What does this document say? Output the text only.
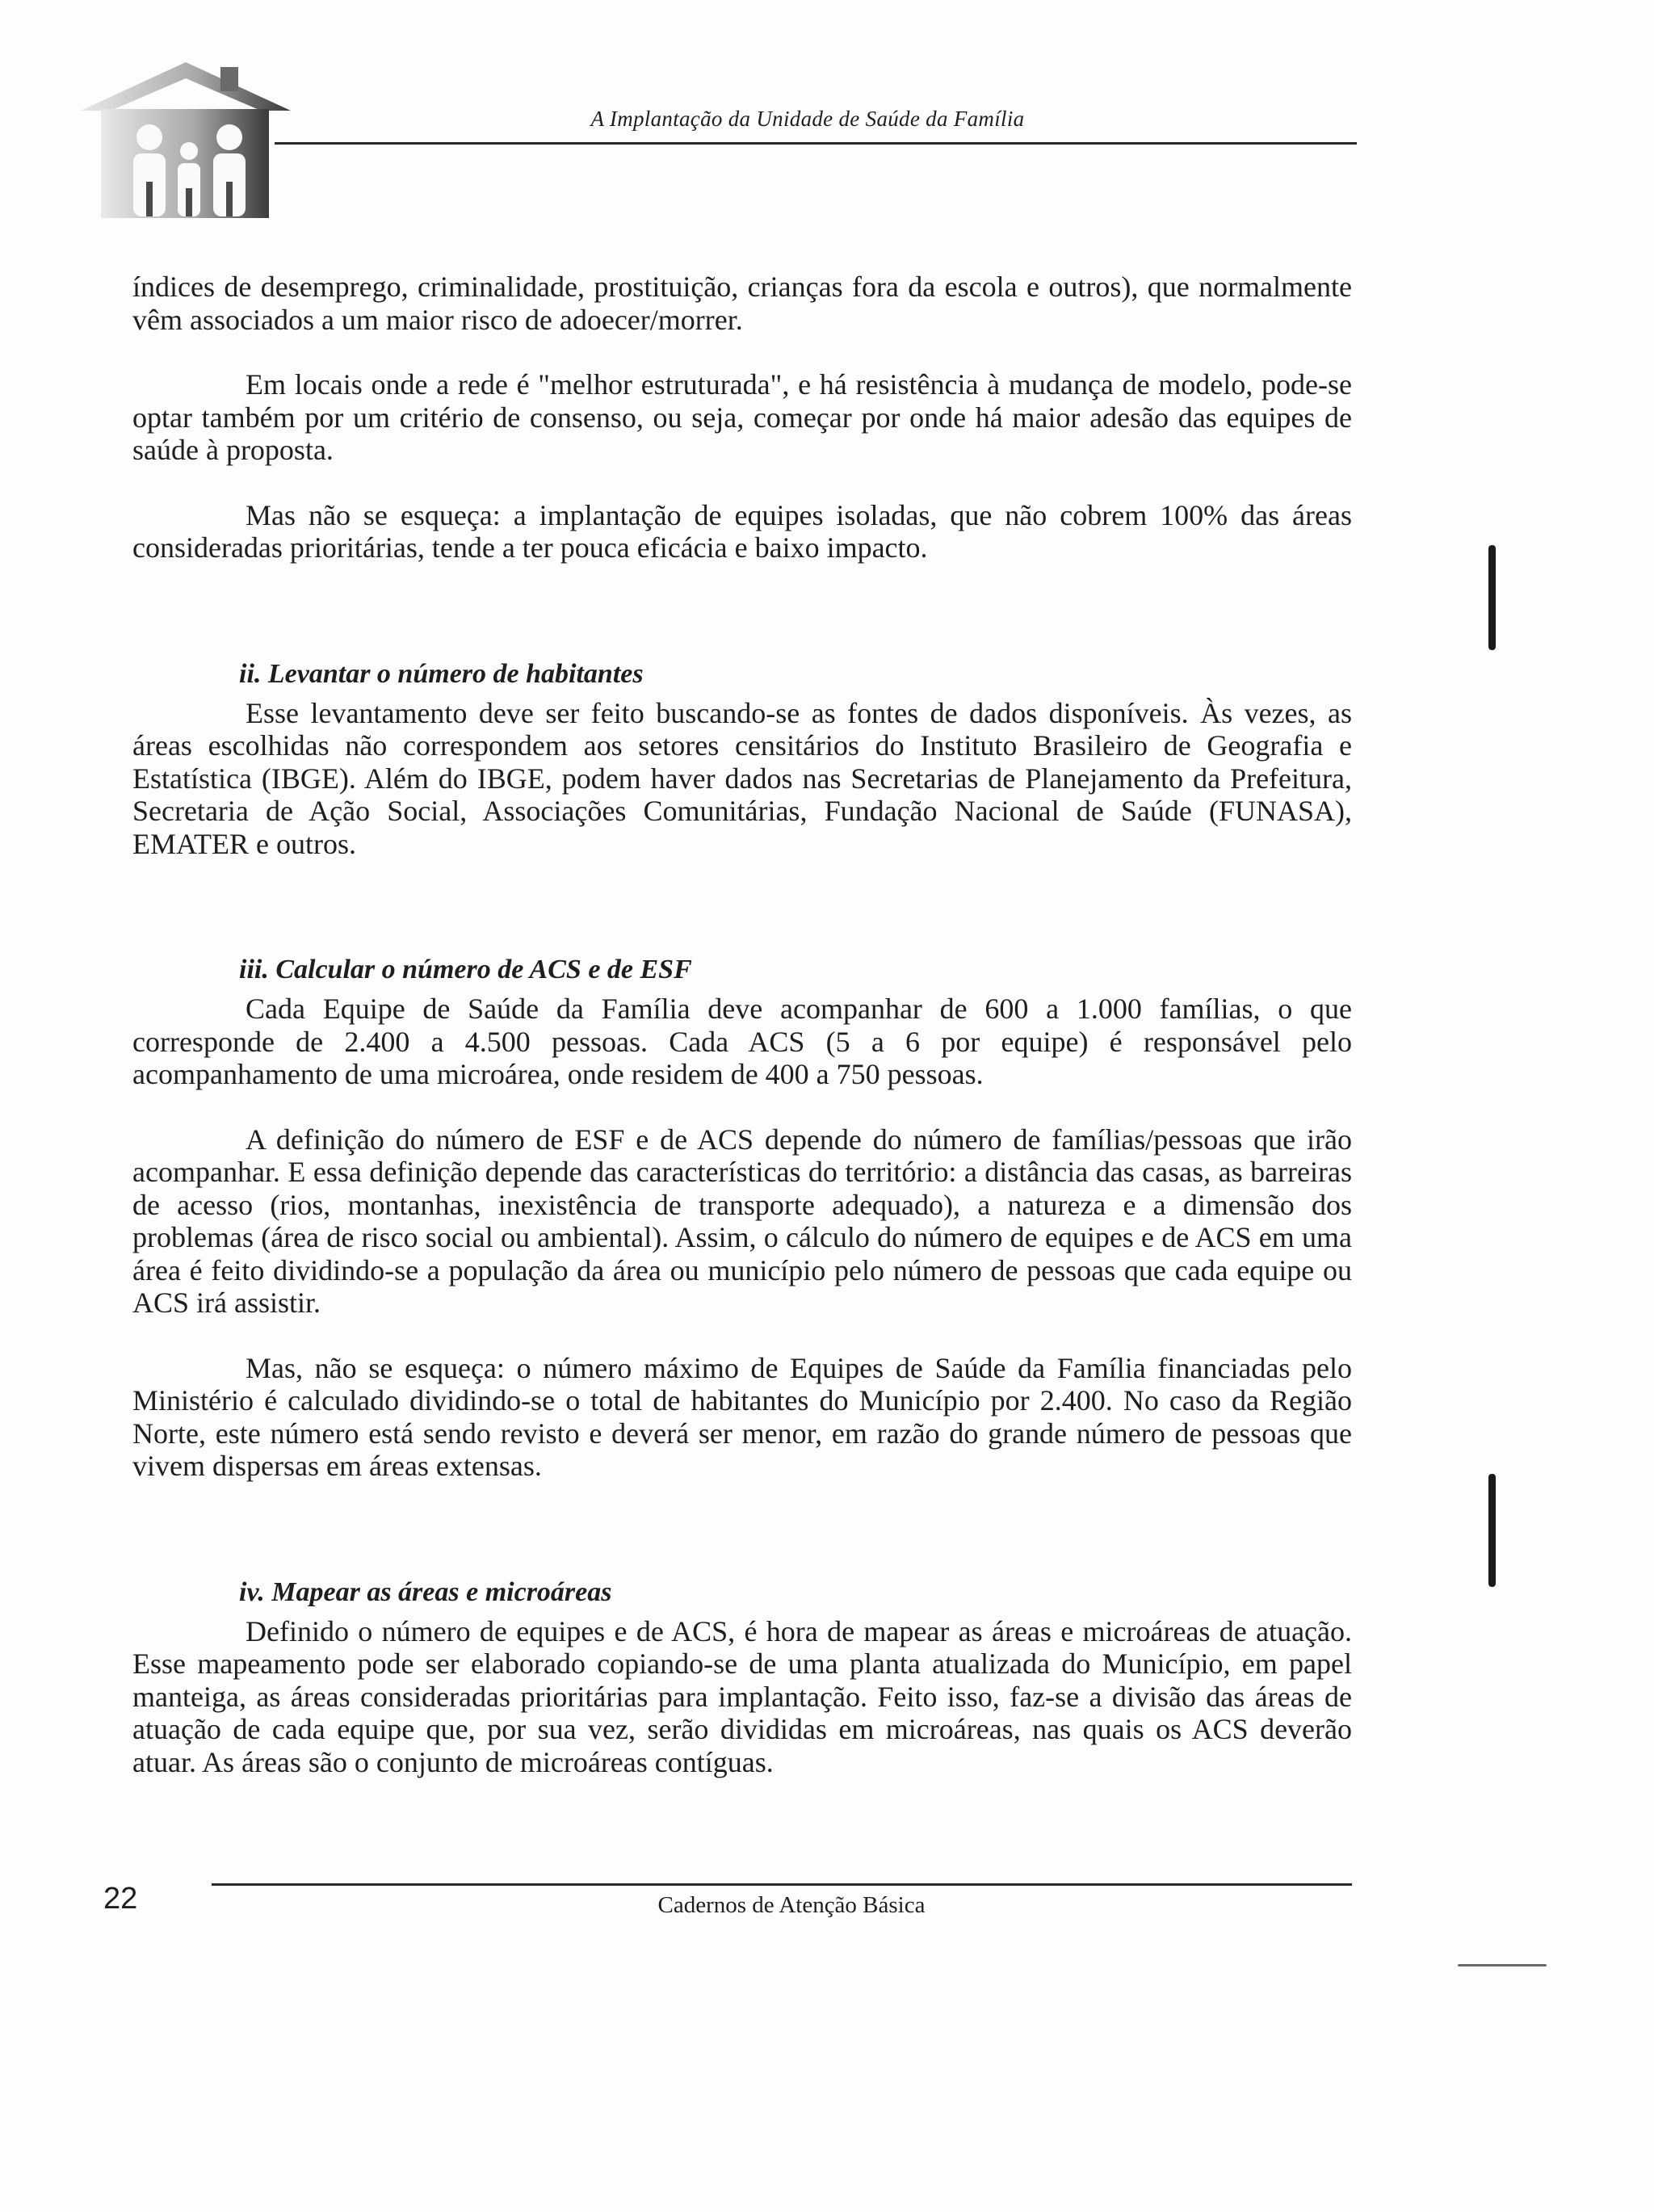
A Implantação da Unidade de Saúde da Família

índices de desemprego, criminalidade, prostituição, crianças fora da escola e outros), que normalmente vêm associados a um maior risco de adoecer/morrer.

Em locais onde a rede é "melhor estruturada", e há resistência à mudança de modelo, pode-se optar também por um critério de consenso, ou seja, começar por onde há maior adesão das equipes de saúde à proposta.

Mas não se esqueça: a implantação de equipes isoladas, que não cobrem 100% das áreas consideradas prioritárias, tende a ter pouca eficácia e baixo impacto.

ii. Levantar o número de habitantes

Esse levantamento deve ser feito buscando-se as fontes de dados disponíveis. Às vezes, as áreas escolhidas não correspondem aos setores censitários do Instituto Brasileiro de Geografia e Estatística (IBGE). Além do IBGE, podem haver dados nas Secretarias de Planejamento da Prefeitura, Secretaria de Ação Social, Associações Comunitárias, Fundação Nacional de Saúde (FUNASA), EMATER e outros.

iii. Calcular o número de ACS e de ESF

Cada Equipe de Saúde da Família deve acompanhar de 600 a 1.000 famílias, o que corresponde de 2.400 a 4.500 pessoas. Cada ACS (5 a 6 por equipe) é responsável pelo acompanhamento de uma microárea, onde residem de 400 a 750 pessoas.

A definição do número de ESF e de ACS depende do número de famílias/pessoas que irão acompanhar. E essa definição depende das características do território: a distância das casas, as barreiras de acesso (rios, montanhas, inexistência de transporte adequado), a natureza e a dimensão dos problemas (área de risco social ou ambiental). Assim, o cálculo do número de equipes e de ACS em uma área é feito dividindo-se a população da área ou município pelo número de pessoas que cada equipe ou ACS irá assistir.

Mas, não se esqueça: o número máximo de Equipes de Saúde da Família financiadas pelo Ministério é calculado dividindo-se o total de habitantes do Município por 2.400. No caso da Região Norte, este número está sendo revisto e deverá ser menor, em razão do grande número de pessoas que vivem dispersas em áreas extensas.

iv. Mapear as áreas e microáreas

Definido o número de equipes e de ACS, é hora de mapear as áreas e microáreas de atuação. Esse mapeamento pode ser elaborado copiando-se de uma planta atualizada do Município, em papel manteiga, as áreas consideradas prioritárias para implantação. Feito isso, faz-se a divisão das áreas de atuação de cada equipe que, por sua vez, serão divididas em microáreas, nas quais os ACS deverão atuar. As áreas são o conjunto de microáreas contíguas.

22	Cadernos de Atenção Básica
